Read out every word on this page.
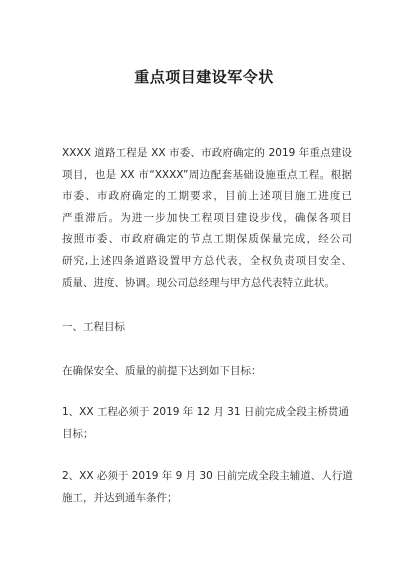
重点项目建设军令状
XXXX 道路工程是 XX 市委、市政府确定的 2019 年重点建设
项目，也是 XX 市“XXXX”周边配套基础设施重点工程。根据
市委、市政府确定的工期要求，目前上述项目施工进度已
严重滞后。为进一步加快工程项目建设步伐，确保各项目
按照市委、市政府确定的节点工期保质保量完成，经公司
研究,上述四条道路设置甲方总代表，全权负责项目安全、
质量、进度、协调。现公司总经理与甲方总代表特立此状。
一、工程目标
在确保安全、质量的前提下达到如下目标：
1、XX 工程必须于 2019 年 12 月 31 日前完成全段主桥贯通
目标；
2、XX 必须于 2019 年 9 月 30 日前完成全段主辅道、人行道
施工，并达到通车条件；
